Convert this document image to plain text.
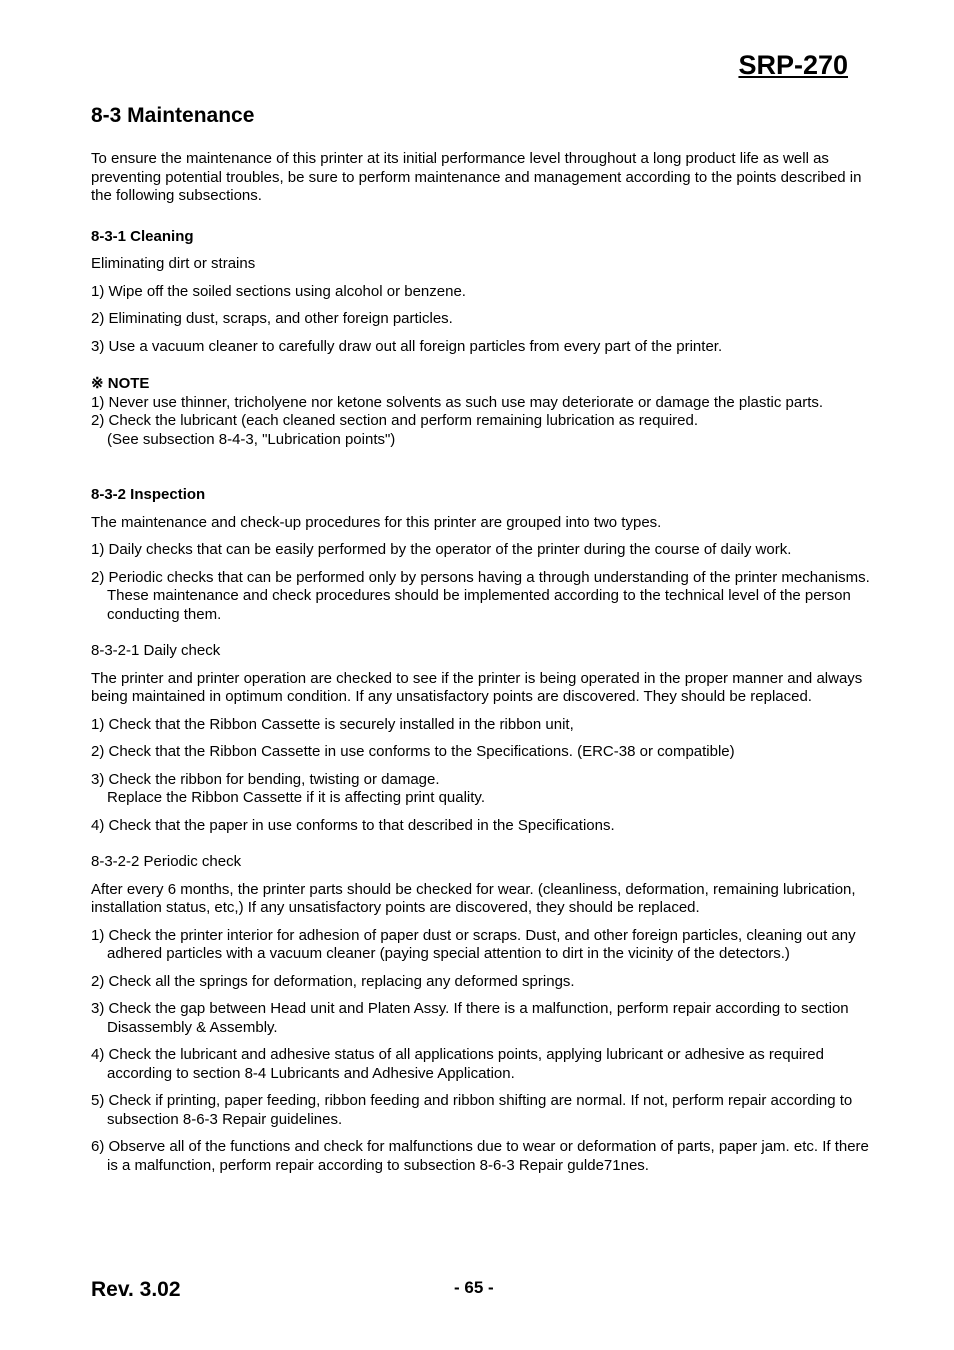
SRP-270
8-3 Maintenance

To ensure the maintenance of this printer at its initial performance level throughout a long product life as well as preventing potential troubles, be sure to perform maintenance and management according to the points described in the following subsections.

8-3-1 Cleaning

Eliminating dirt or strains

1) Wipe off the soiled sections using alcohol or benzene.

2) Eliminating dust, scraps, and other foreign particles.

3) Use a vacuum cleaner to carefully draw out all foreign particles from every part of the printer.

※ NOTE

1) Never use thinner, tricholyene nor ketone solvents as such use may deteriorate or damage the plastic parts.

2) Check the lubricant (each cleaned section and perform remaining lubrication as required.

(See subsection 8-4-3, "Lubrication points")

8-3-2 Inspection

The maintenance and check-up procedures for this printer are grouped into two types.

1) Daily checks that can be easily performed by the operator of the printer during the course of daily work.

2) Periodic checks that can be performed only by persons having a through understanding of the printer mechanisms. These maintenance and check procedures should be implemented according to the technical level of the person conducting them.

8-3-2-1 Daily check

The printer and printer operation are checked to see if the printer is being operated in the proper manner and always being maintained in optimum condition. If any unsatisfactory points are discovered. They should be replaced.

1) Check that the Ribbon Cassette is securely installed in the ribbon unit,

2) Check that the Ribbon Cassette in use conforms to the Specifications. (ERC-38 or compatible)

3) Check the ribbon for bending, twisting or damage.

Replace the Ribbon Cassette if it is affecting print quality.

4) Check that the paper in use conforms to that described in the Specifications.

8-3-2-2 Periodic check

After every 6 months, the printer parts should be checked for wear. (cleanliness, deformation, remaining lubrication, installation status, etc,) If any unsatisfactory points are discovered, they should be replaced.

1) Check the printer interior for adhesion of paper dust or scraps. Dust, and other foreign particles, cleaning out any adhered particles with a vacuum cleaner (paying special attention to dirt in the vicinity of the detectors.)

2) Check all the springs for deformation, replacing any deformed springs.

3) Check the gap between Head unit and Platen Assy. If there is a malfunction, perform repair according to section Disassembly & Assembly.

4) Check the lubricant and adhesive status of all applications points, applying lubricant or adhesive as required according to section 8-4 Lubricants and Adhesive Application.

5) Check if printing, paper feeding, ribbon feeding and ribbon shifting are normal. If not, perform repair according to subsection 8-6-3 Repair guidelines.

6) Observe all of the functions and check for malfunctions due to wear or deformation of parts, paper jam. etc. If there is a malfunction, perform repair according to subsection 8-6-3 Repair gulde71nes.

Rev. 3.02	- 65 -
